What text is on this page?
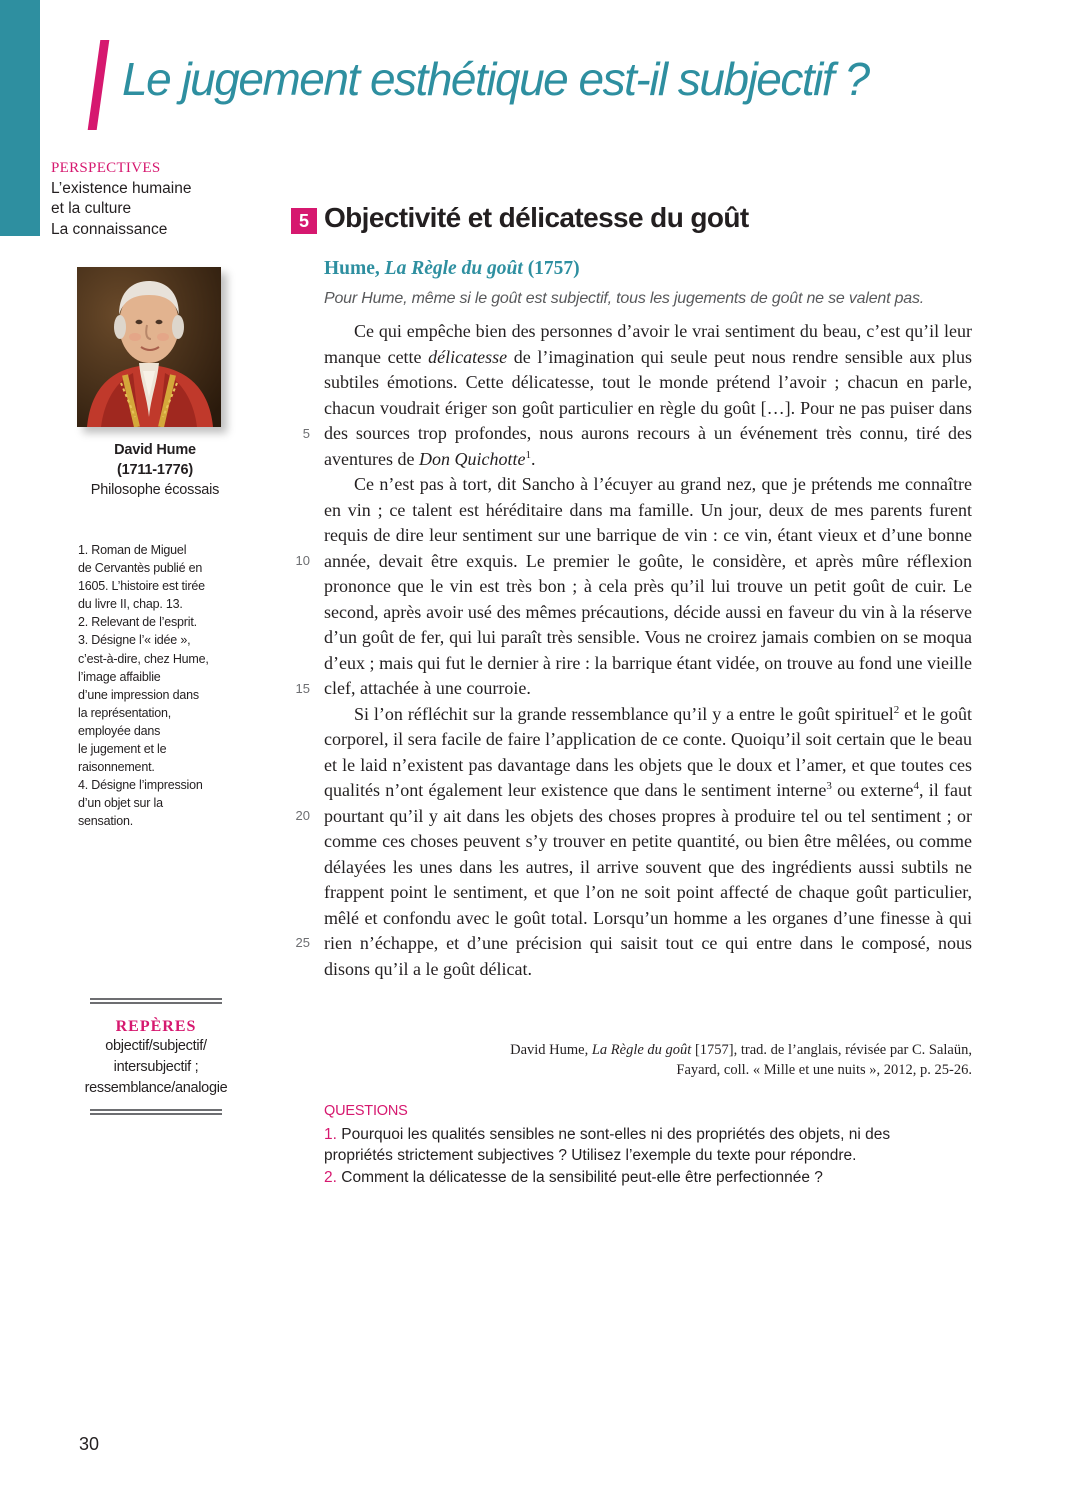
Le jugement esthétique est-il subjectif ?
PERSPECTIVES
L’existence humaine
et la culture
La connaissance
David Hume
(1711-1776)
Philosophe écossais
1. Roman de Miguel
de Cervantès publié en
1605. L’histoire est tirée
du livre II, chap. 13.
2. Relevant de l’esprit.
3. Désigne l’« idée »,
c’est-à-dire, chez Hume,
l’image affaiblie
d’une impression dans
la représentation,
employée dans
le jugement et le
raisonnement.
4. Désigne l’impression
d’un objet sur la
sensation.
REPÈRES
objectif/subjectif/
intersubjectif ;
ressemblance/analogie
5 Objectivité et délicatesse du goût
Hume, La Règle du goût (1757)
Pour Hume, même si le goût est subjectif, tous les jugements de goût ne se valent pas.

Ce qui empêche bien des personnes d’avoir le vrai sentiment du beau, c’est qu’il leur manque cette délicatesse de l’imagination qui seule peut nous rendre sensible aux plus subtiles émotions. Cette délicatesse, tout le monde prétend l’avoir ; chacun en parle, chacun voudrait ériger son goût particulier en règle du goût […]. Pour ne pas puiser dans des sources trop profondes, nous aurons recours à un événement très connu, tiré des aventures de Don Quichotte$^1$.

Ce n’est pas à tort, dit Sancho à l’écuyer au grand nez, que je prétends me connaître en vin ; ce talent est héréditaire dans ma famille. Un jour, deux de mes parents furent requis de dire leur sentiment sur une barrique de vin : ce vin, étant vieux et d’une bonne année, devait être exquis. Le premier le goûte, le considère, et après mûre réflexion prononce que le vin est très bon ; à cela près qu’il lui trouve un petit goût de cuir. Le second, après avoir usé des mêmes précautions, décide aussi en faveur du vin à la réserve d’un goût de fer, qui lui paraît très sensible. Vous ne croirez jamais combien on se moqua d’eux ; mais qui fut le dernier à rire : la barrique étant vidée, on trouve au fond une vieille clef, attachée à une courroie.

Si l’on réfléchit sur la grande ressemblance qu’il y a entre le goût spirituel$^2$ et le goût corporel, il sera facile de faire l’application de ce conte. Quoiqu’il soit certain que le beau et le laid n’existent pas davantage dans les objets que le doux et l’amer, et que toutes ces qualités n’ont également leur existence que dans le sentiment interne$^3$ ou externe$^4$, il faut pourtant qu’il y ait dans les objets des choses propres à produire tel ou tel sentiment ; or comme ces choses peuvent s’y trouver en petite quantité, ou bien être mêlées, ou comme délayées les unes dans les autres, il arrive souvent que des ingrédients aussi subtils ne frappent point le sentiment, et que l’on ne soit point affecté de chaque goût particulier, mêlé et confondu avec le goût total. Lorsqu’un homme a les organes d’une finesse à qui rien n’échappe, et d’une précision qui saisit tout ce qui entre dans le composé, nous disons qu’il a le goût délicat.

5
10
15
20
25
David Hume, La Règle du goût [1757], trad. de l’anglais, révisée par C. Salaün,
Fayard, coll. « Mille et une nuits », 2012, p. 25-26.
QUESTIONS
1. Pourquoi les qualités sensibles ne sont-elles ni des propriétés des objets, ni des
propriétés strictement subjectives ? Utilisez l’exemple du texte pour répondre.
2. Comment la délicatesse de la sensibilité peut-elle être perfectionnée ?
30
